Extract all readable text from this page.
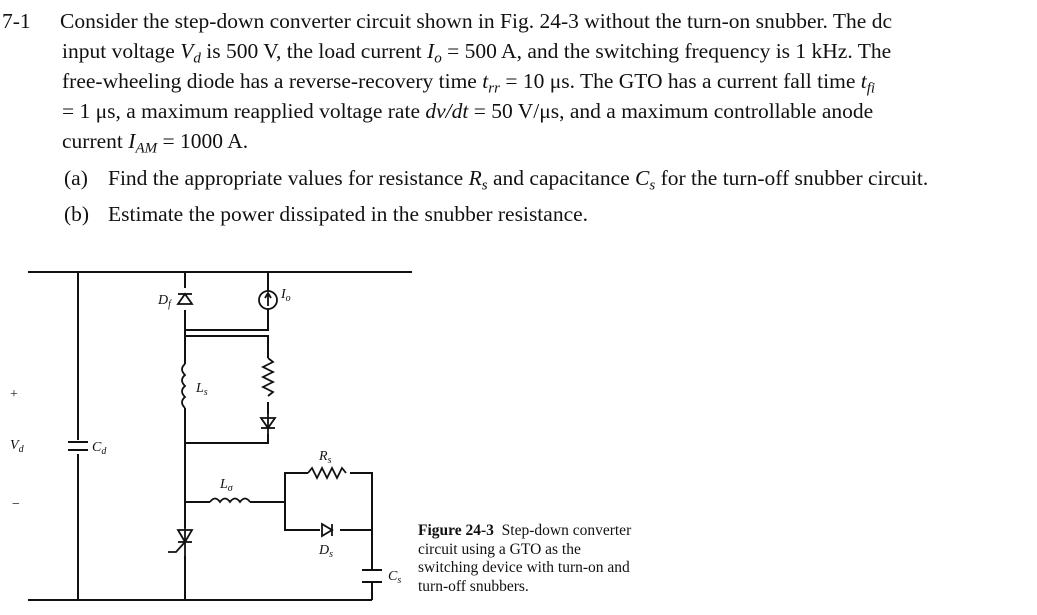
7-1 Consider the step-down converter circuit shown in Fig. 24-3 without the turn-on snubber. The dc
input voltage $V_d$ is 500 V, the load current $I_o = 500$ A, and the switching frequency is 1 kHz. The
free-wheeling diode has a reverse-recovery time $t_{rr} = 10$ μs. The GTO has a current fall time $t_{fi}$
= 1 μs, a maximum reapplied voltage rate dv/dt = 50 V/μs, and a maximum controllable anode
current $I_{AM} = 1000$ A.
(a) Find the appropriate values for resistance $R_s$ and capacitance $C_s$ for the turn-off snubber circuit.
(b) Estimate the power dissipated in the snubber resistance.
+
−
$V_d$	$C_d$
$D_f$
$I_o$
$L_s$
$L_\sigma$
$R_s$
$D_s$
$C_s$
Figure 24-3 Step-down converter circuit using a GTO as the switching device with turn-on and turn-off snubbers.
